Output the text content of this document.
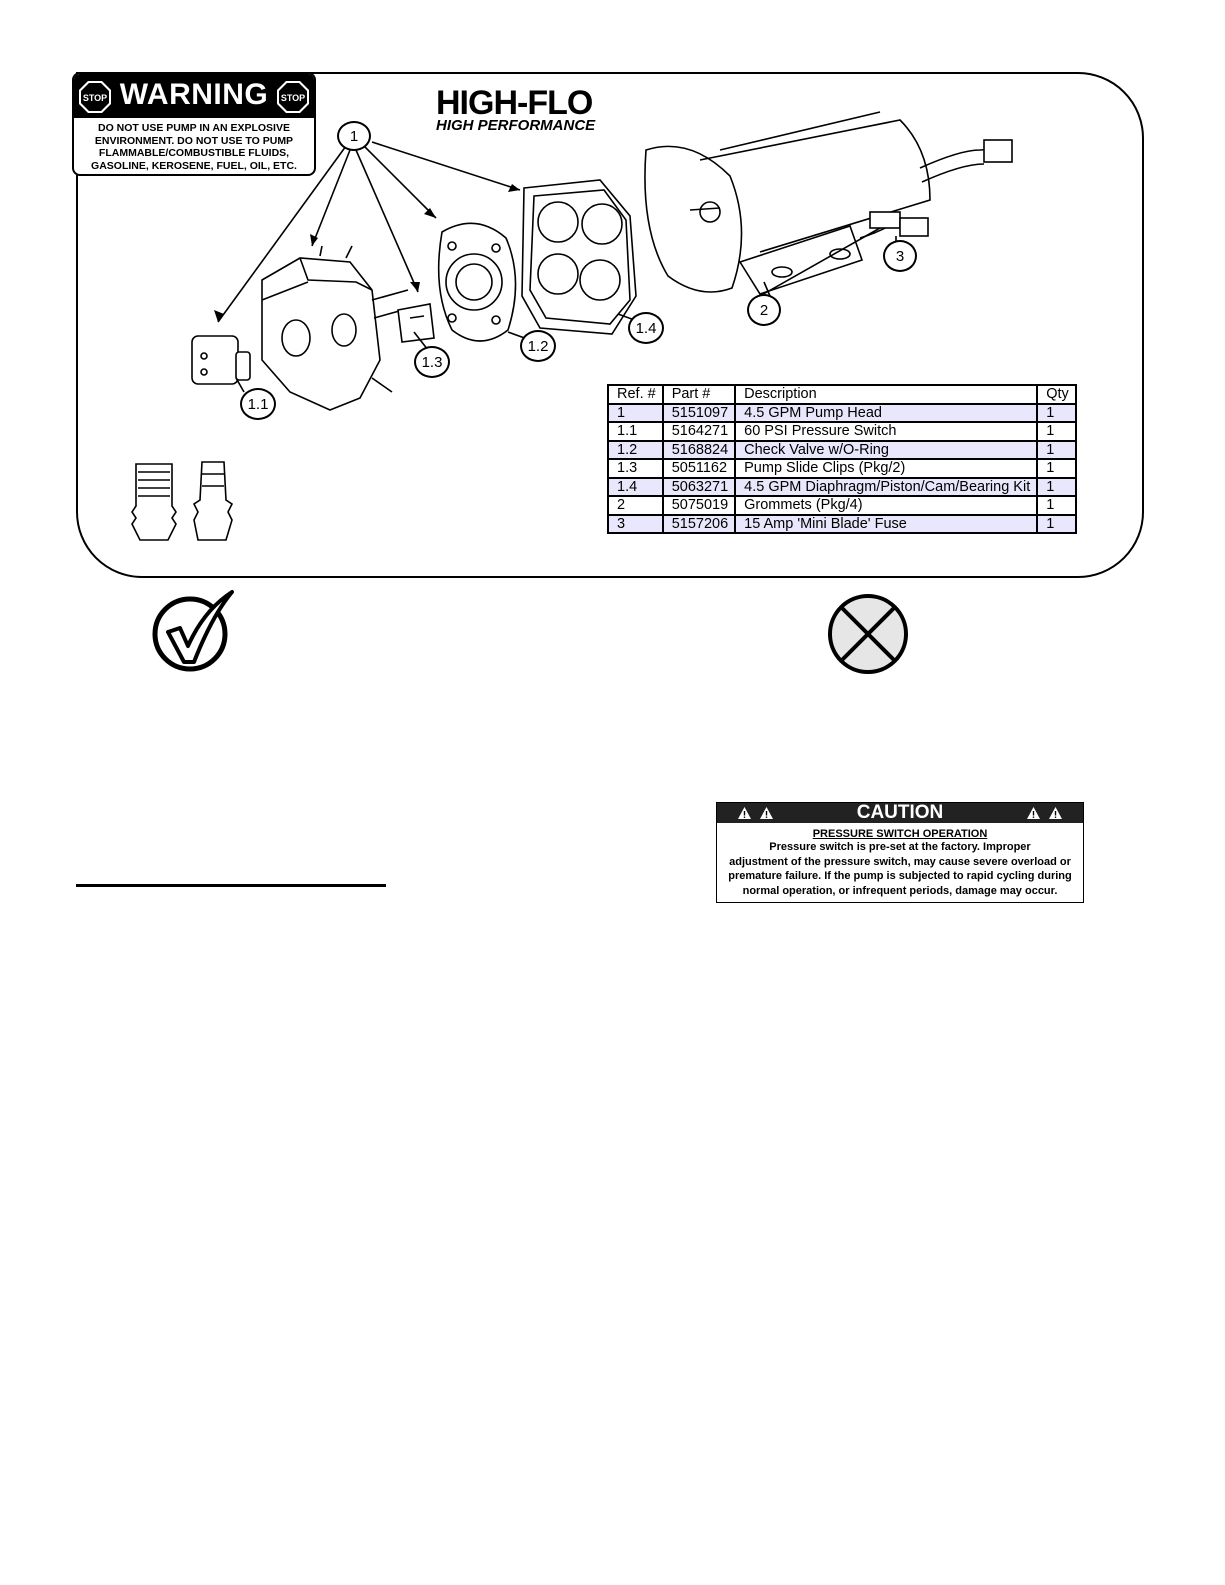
STOP WARNING	STOP
DO NOT USE PUMP IN AN EXPLOSIVE
ENVIRONMENT. DO NOT USE TO PUMP
FLAMMABLE/COMBUSTIBLE FLUIDS,
GASOLINE, KEROSENE, FUEL, OIL, ETC.
HIGH-FLO
HIGH PERFORMANCE
1
1.1
1.3
1.2
1.4
2
3
Ref. #	Part #	Description	Qty
1	5151097	4.5 GPM Pump Head	1
1.1	5164271	60 PSI Pressure Switch	1
1.2	5168824	Check Valve w/O-Ring	1
1.3	5051162	Pump Slide Clips (Pkg/2)	1
1.4	5063271	4.5 GPM Diaphragm/Piston/Cam/Bearing Kit	1
2	5075019	Grommets (Pkg/4)	1
3	5157206	15 Amp 'Mini Blade' Fuse	1
CAUTION
PRESSURE SWITCH OPERATION
Pressure switch is pre-set at the factory. Improper
adjustment of the pressure switch, may cause severe overload or
premature failure. If the pump is subjected to rapid cycling during
normal operation, or infrequent periods, damage may occur.
